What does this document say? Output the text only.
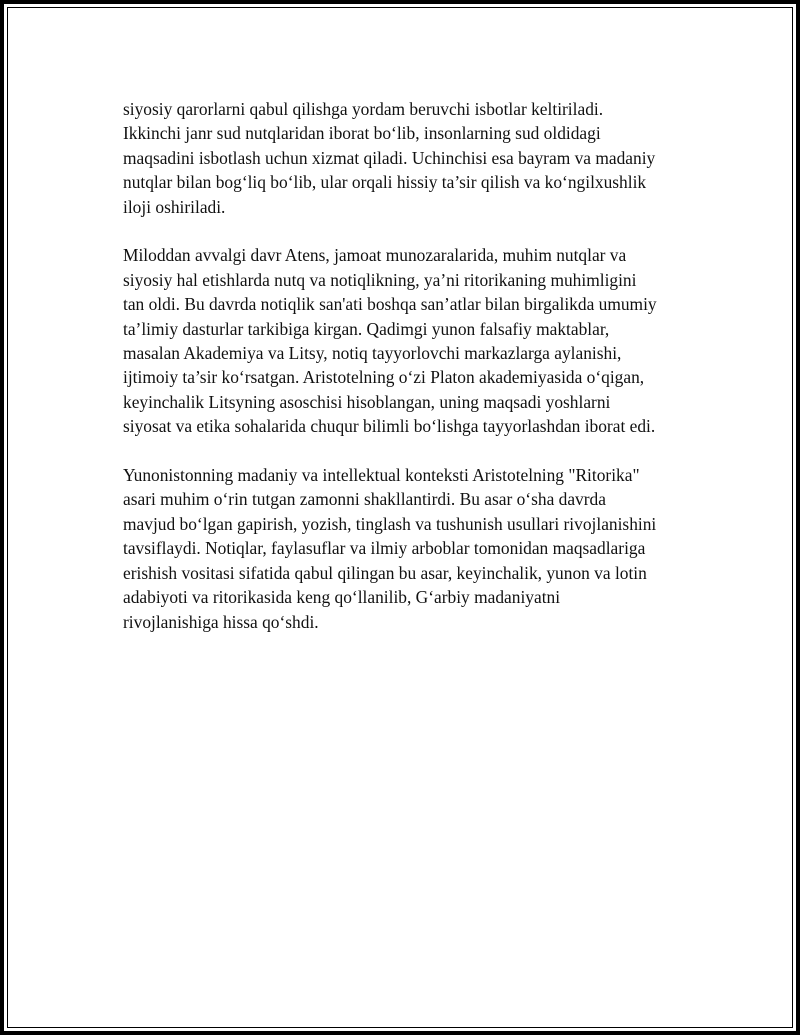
siyosiy qarorlarni qabul qilishga yordam beruvchi isbotlar keltiriladi.
Ikkinchi janr sud nutqlaridan iborat bo‘lib, insonlarning sud oldidagi
maqsadini isbotlash uchun xizmat qiladi. Uchinchisi esa bayram va madaniy
nutqlar bilan bog‘liq bo‘lib, ular orqali hissiy ta’sir qilish va ko‘ngilxushlik
iloji oshiriladi.

Miloddan avvalgi davr Atens, jamoat munozaralarida, muhim nutqlar va
siyosiy hal etishlarda nutq va notiqlikning, ya’ni ritorikaning muhimligini
tan oldi. Bu davrda notiqlik san'ati boshqa san’atlar bilan birgalikda umumiy
ta’limiy dasturlar tarkibiga kirgan. Qadimgi yunon falsafiy maktablar,
masalan Akademiya va Litsy, notiq tayyorlovchi markazlarga aylanishi,
ijtimoiy ta’sir ko‘rsatgan. Aristotelning o‘zi Platon akademiyasida o‘qigan,
keyinchalik Litsyning asoschisi hisoblangan, uning maqsadi yoshlarni
siyosat va etika sohalarida chuqur bilimli bo‘lishga tayyorlashdan iborat edi.

Yunonistonning madaniy va intellektual konteksti Aristotelning "Ritorika"
asari muhim o‘rin tutgan zamonni shakllantirdi. Bu asar o‘sha davrda
mavjud bo‘lgan gapirish, yozish, tinglash va tushunish usullari rivojlanishini
tavsiflaydi. Notiqlar, faylasuflar va ilmiy arboblar tomonidan maqsadlariga
erishish vositasi sifatida qabul qilingan bu asar, keyinchalik, yunon va lotin
adabiyoti va ritorikasida keng qo‘llanilib, G‘arbiy madaniyatni
rivojlanishiga hissa qo‘shdi.
